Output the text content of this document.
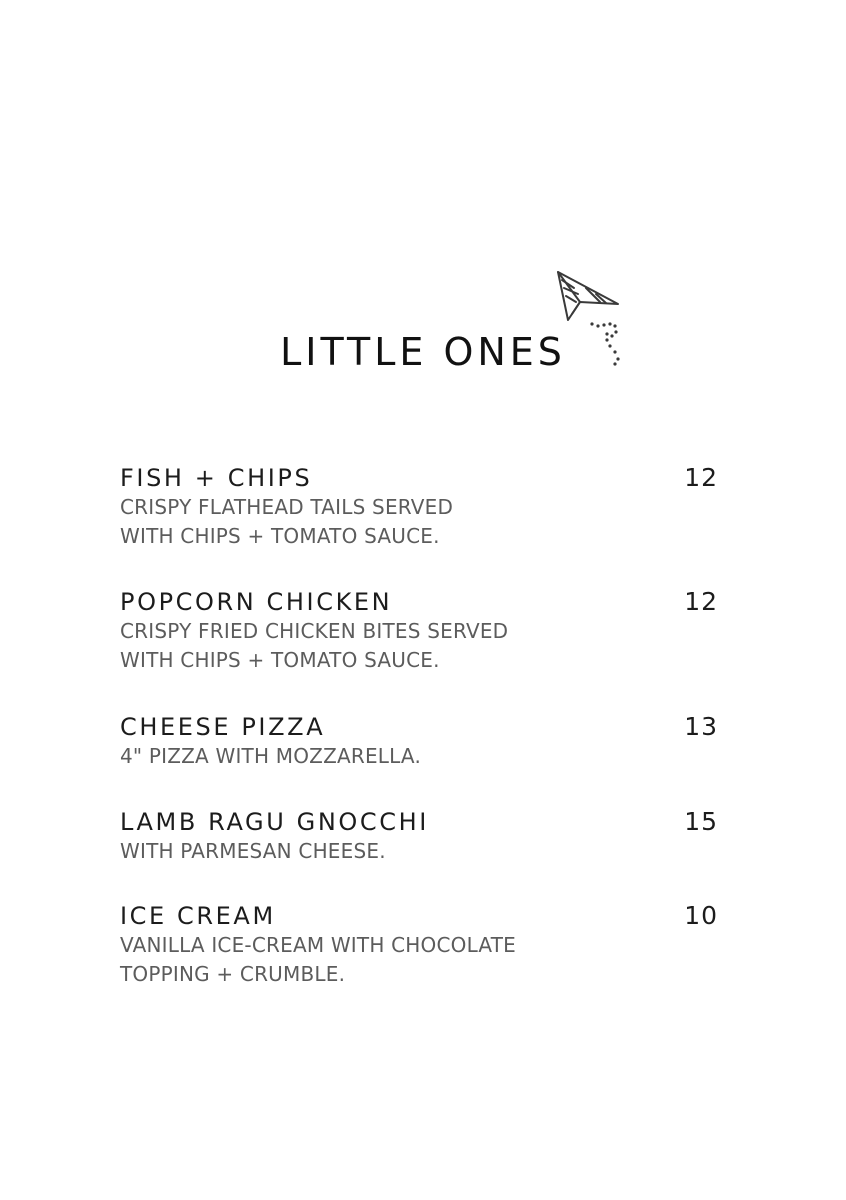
LITTLE ONES
FISH + CHIPS
CRISPY FLATHEAD TAILS SERVED
WITH CHIPS + TOMATO SAUCE.
12
POPCORN CHICKEN
CRISPY FRIED CHICKEN BITES SERVED
WITH CHIPS + TOMATO SAUCE.
12
CHEESE PIZZA
4" PIZZA WITH MOZZARELLA.
13
LAMB RAGU GNOCCHI
WITH PARMESAN CHEESE.
15
ICE CREAM
VANILLA ICE-CREAM WITH CHOCOLATE
TOPPING + CRUMBLE.
10
